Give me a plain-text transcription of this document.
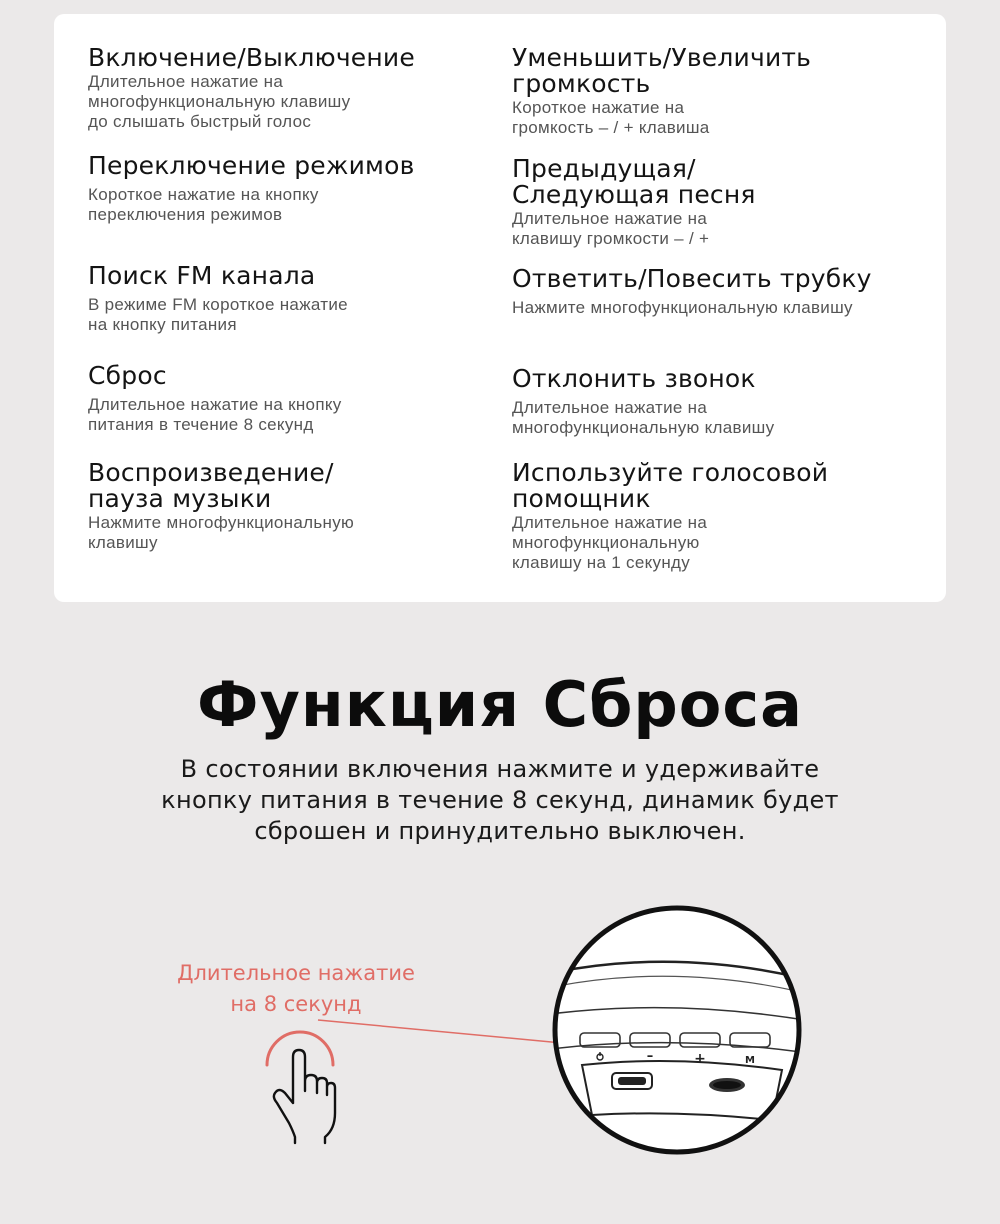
Включение/Выключение

Длительное нажатие на

многофункциональную клавишу

до слышать быстрый голос

Переключение режимов

Короткое нажатие на кнопку

переключения режимов

Поиск FM канала

В режиме FM короткое нажатие

на кнопку питания

Сброс

Длительное нажатие на кнопку

питания в течение 8 секунд

Воспроизведение/
пауза музыки

Нажмите многофункциональную

клавишу

Уменьшить/Увеличить
громкость

Короткое нажатие на

громкость – / + клавиша

Предыдущая/
Следующая песня

Длительное нажатие на

клавишу громкости – / +

Ответить/Повесить трубку

Нажмите многофункциональную клавишу

Отклонить звонок

Длительное нажатие на

многофункциональную клавишу

Используйте голосовой
помощник

Длительное нажатие на

многофункциональную

клавишу на 1 секунду

Функция Сброса
В состоянии включения нажмите и удерживайте
кнопку питания в течение 8 секунд, динамик будет
сброшен и принудительно выключен.
Длительное нажатие
на 8 секунд
–	+	M
